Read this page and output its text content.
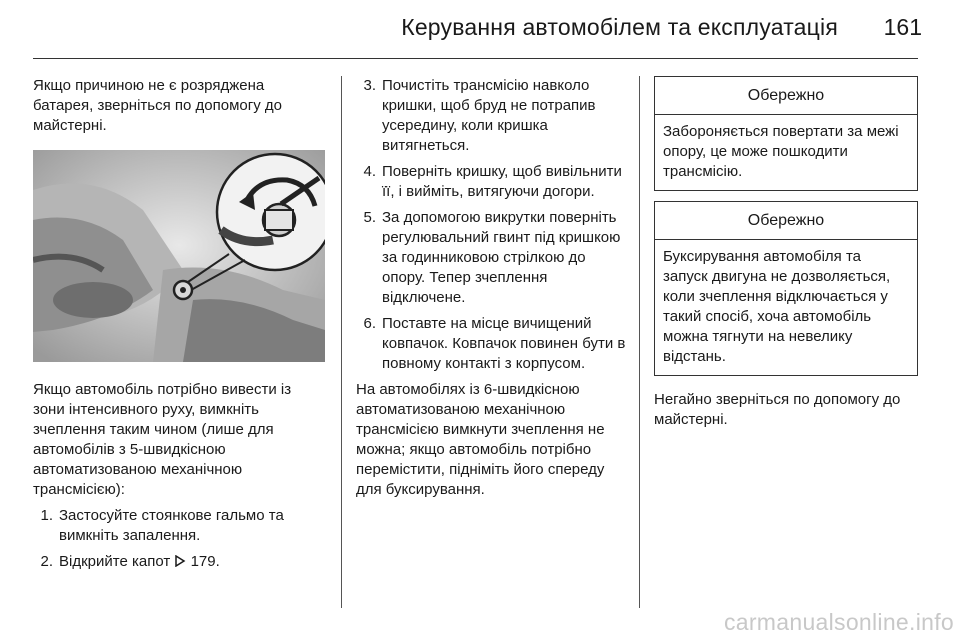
Керування автомобілем та експлуатація 161

Якщо причиною не є розряджена батарея, зверніться по допомогу до майстерні.

Якщо автомобіль потрібно вивести із зони інтенсивного руху, вимкніть зчеплення таким чином (лише для автомобілів з 5-швидкісною автоматизованою механічною трансмісією):

1. Застосуйте стоянкове гальмо та вимкніть запалення.
2. Відкрийте капот 179.
3. Почистіть трансмісію навколо кришки, щоб бруд не потрапив усередину, коли кришка витягнеться.
4. Поверніть кришку, щоб вивільнити її, і вийміть, витягуючи догори.
5. За допомогою викрутки поверніть регулювальний гвинт під кришкою за годинниковою стрілкою до опору. Тепер зчеплення відключене.
6. Поставте на місце вичищений ковпачок. Ковпачок повинен бути в повному контакті з корпусом.

На автомобілях із 6-швидкісною автоматизованою механічною трансмісією вимкнути зчеплення не можна; якщо автомобіль потрібно перемістити, підніміть його спереду для буксирування.

Обережно
Забороняється повертати за межі опору, це може пошкодити трансмісію.
Обережно
Буксирування автомобіля та запуск двигуна не дозволяється, коли зчеплення відключається у такий спосіб, хоча автомобіль можна тягнути на невелику відстань.

Негайно зверніться по допомогу до майстерні.

carmanualsonline.info
